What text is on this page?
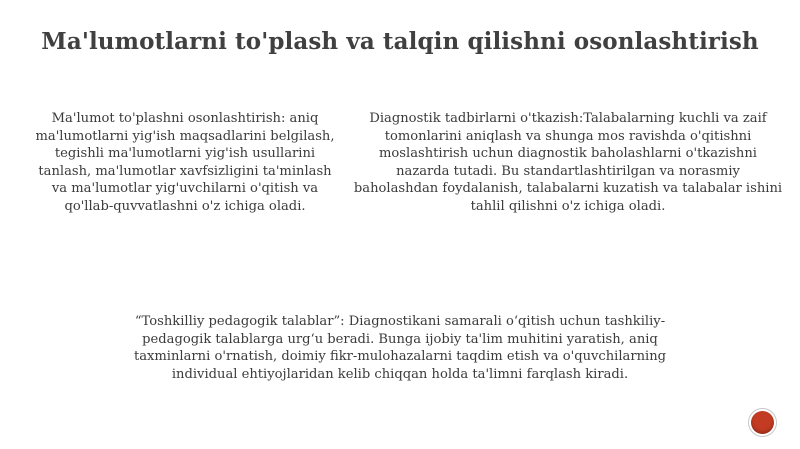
Ma'lumotlarni to'plash va talqin qilishni osonlashtirish

Ma'lumot to'plashni osonlashtirish: aniq ma'lumotlarni yig'ish maqsadlarini belgilash, tegishli ma'lumotlarni yig'ish usullarini tanlash, ma'lumotlar xavfsizligini ta'minlash va ma'lumotlar yig'uvchilarni o'qitish va qo'llab-quvvatlashni o'z ichiga oladi.

Diagnostik tadbirlarni o'tkazish:Talabalarning kuchli va zaif tomonlarini aniqlash va shunga mos ravishda o'qitishni moslashtirish uchun diagnostik baholashlarni o'tkazishni nazarda tutadi. Bu standartlashtirilgan va norasmiy baholashdan foydalanish, talabalarni kuzatish va talabalar ishini tahlil qilishni o'z ichiga oladi.

“Toshkilliy pedagogik talablar”: Diagnostikani samarali o‘qitish uchun tashkiliy-pedagogik talablarga urg‘u beradi. Bunga ijobiy ta'lim muhitini yaratish, aniq taxminlarni o'rnatish, doimiy fikr-mulohazalarni taqdim etish va o'quvchilarning individual ehtiyojlaridan kelib chiqqan holda ta'limni farqlash kiradi.
